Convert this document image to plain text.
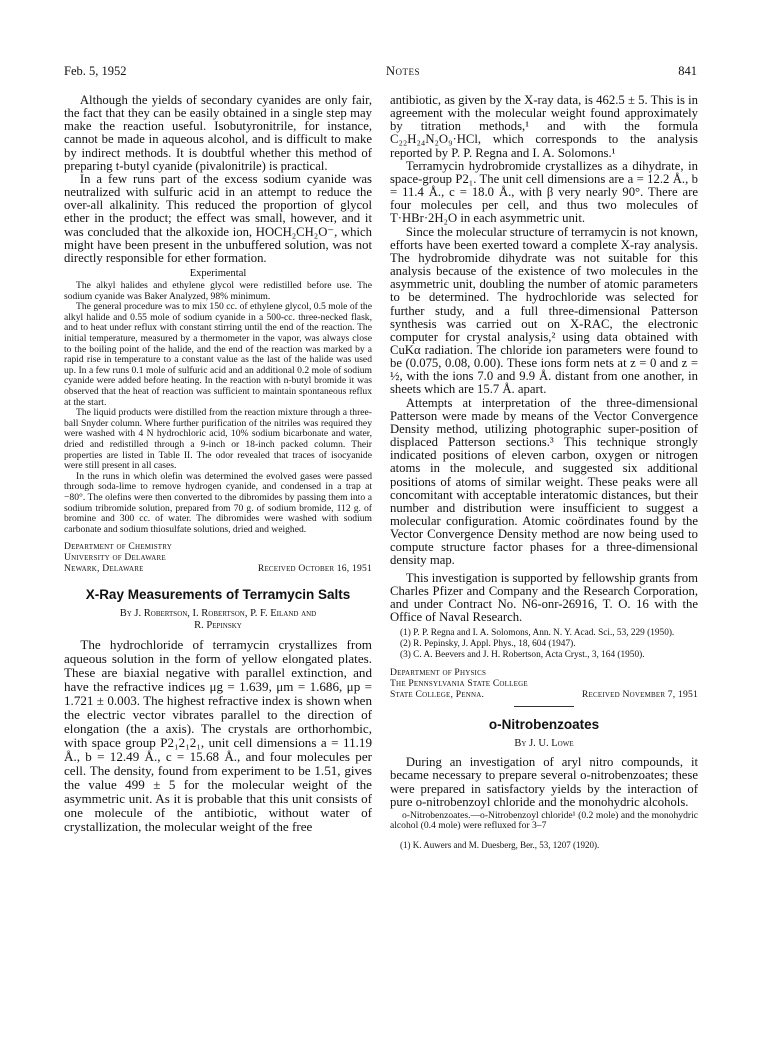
Feb. 5, 1952	Notes	841

Although the yields of secondary cyanides are only fair, the fact that they can be easily obtained in a single step may make the reaction useful. Isobutyronitrile, for instance, cannot be made in aqueous alcohol, and is difficult to make by indirect methods. It is doubtful whether this method of preparing t-butyl cyanide (pivalonitrile) is practical.

In a few runs part of the excess sodium cyanide was neutralized with sulfuric acid in an attempt to reduce the over-all alkalinity. This reduced the proportion of glycol ether in the product; the effect was small, however, and it was concluded that the alkoxide ion, HOCH₂CH₂O⁻, which might have been present in the unbuffered solution, was not directly responsible for ether formation.

Experimental

The alkyl halides and ethylene glycol were redistilled before use. The sodium cyanide was Baker Analyzed, 98% minimum.

The general procedure was to mix 150 cc. of ethylene glycol, 0.5 mole of the alkyl halide and 0.55 mole of sodium cyanide in a 500-cc. three-necked flask, and to heat under reflux with constant stirring until the end of the reaction. The initial temperature, measured by a thermometer in the vapor, was always close to the boiling point of the halide, and the end of the reaction was marked by a rapid rise in temperature to a constant value as the last of the halide was used up. In a few runs 0.1 mole of sulfuric acid and an additional 0.2 mole of sodium cyanide were added before heating. In the reaction with n-butyl bromide it was observed that the heat of reaction was sufficient to maintain spontaneous reflux at the start.

The liquid products were distilled from the reaction mixture through a three-ball Snyder column. Where further purification of the nitriles was required they were washed with 4 N hydrochloric acid, 10% sodium bicarbonate and water, dried and redistilled through a 9-inch or 18-inch packed column. Their properties are listed in Table II. The odor revealed that traces of isocyanide were still present in all cases.

In the runs in which olefin was determined the evolved gases were passed through soda-lime to remove hydrogen cyanide, and condensed in a trap at −80°. The olefins were then converted to the dibromides by passing them into a sodium tribromide solution, prepared from 70 g. of sodium bromide, 112 g. of bromine and 300 cc. of water. The dibromides were washed with sodium carbonate and sodium thiosulfate solutions, dried and weighed.

Department of Chemistry
University of Delaware
Newark, Delaware	Received October 16, 1951
X-Ray Measurements of Terramycin Salts
By J. Robertson, I. Robertson, P. F. Eiland and
R. Pepinsky

The hydrochloride of terramycin crystallizes from aqueous solution in the form of yellow elongated plates. These are biaxial negative with parallel extinction, and have the refractive indices μg = 1.639, μm = 1.686, μp = 1.721 ± 0.003. The highest refractive index is shown when the electric vector vibrates parallel to the direction of elongation (the a axis). The crystals are orthorhombic, with space group P2₁2₁2₁, unit cell dimensions a = 11.19 Å., b = 12.49 Å., c = 15.68 Å., and four molecules per cell. The density, found from experiment to be 1.51, gives the value 499 ± 5 for the molecular weight of the asymmetric unit. As it is probable that this unit consists of one molecule of the antibiotic, without water of crystallization, the molecular weight of the free

antibiotic, as given by the X-ray data, is 462.5 ± 5. This is in agreement with the molecular weight found approximately by titration methods,¹ and with the formula C₂₂H₂₄N₂O₉·HCl, which corresponds to the analysis reported by P. P. Regna and I. A. Solomons.¹

Terramycin hydrobromide crystallizes as a dihydrate, in space-group P2₁. The unit cell dimensions are a = 12.2 Å., b = 11.4 Å., c = 18.0 Å., with β very nearly 90°. There are four molecules per cell, and thus two molecules of T·HBr·2H₂O in each asymmetric unit.

Since the molecular structure of terramycin is not known, efforts have been exerted toward a complete X-ray analysis. The hydrobromide dihydrate was not suitable for this analysis because of the existence of two molecules in the asymmetric unit, doubling the number of atomic parameters to be determined. The hydrochloride was selected for further study, and a full three-dimensional Patterson synthesis was carried out on X-RAC, the electronic computer for crystal analysis,² using data obtained with CuKα radiation. The chloride ion parameters were found to be (0.075, 0.08, 0.00). These ions form nets at z = 0 and z = ½, with the ions 7.0 and 9.9 Å. distant from one another, in sheets which are 15.7 Å. apart.

Attempts at interpretation of the three-dimensional Patterson were made by means of the Vector Convergence Density method, utilizing photographic super-position of displaced Patterson sections.³ This technique strongly indicated positions of eleven carbon, oxygen or nitrogen atoms in the molecule, and suggested six additional positions of atoms of similar weight. These peaks were all concomitant with acceptable interatomic distances, but their number and distribution were insufficient to suggest a molecular configuration. Atomic coördinates found by the Vector Convergence Density method are now being used to compute structure factor phases for a three-dimensional density map.

This investigation is supported by fellowship grants from Charles Pfizer and Company and the Research Corporation, and under Contract No. N6-onr-26916, T. O. 16 with the Office of Naval Research.

(1) P. P. Regna and I. A. Solomons, Ann. N. Y. Acad. Sci., 53, 229 (1950).
(2) R. Pepinsky, J. Appl. Phys., 18, 604 (1947).
(3) C. A. Beevers and J. H. Robertson, Acta Cryst., 3, 164 (1950).
Department of Physics
The Pennsylvania State College
State College, Penna.	Received November 7, 1951
o-Nitrobenzoates
By J. U. Lowe

During an investigation of aryl nitro compounds, it became necessary to prepare several o-nitrobenzoates; these were prepared in satisfactory yields by the interaction of pure o-nitrobenzoyl chloride and the monohydric alcohols.

o-Nitrobenzoates.—o-Nitrobenzoyl chloride¹ (0.2 mole) and the monohydric alcohol (0.4 mole) were refluxed for 3–7

(1) K. Auwers and M. Duesberg, Ber., 53, 1207 (1920).
